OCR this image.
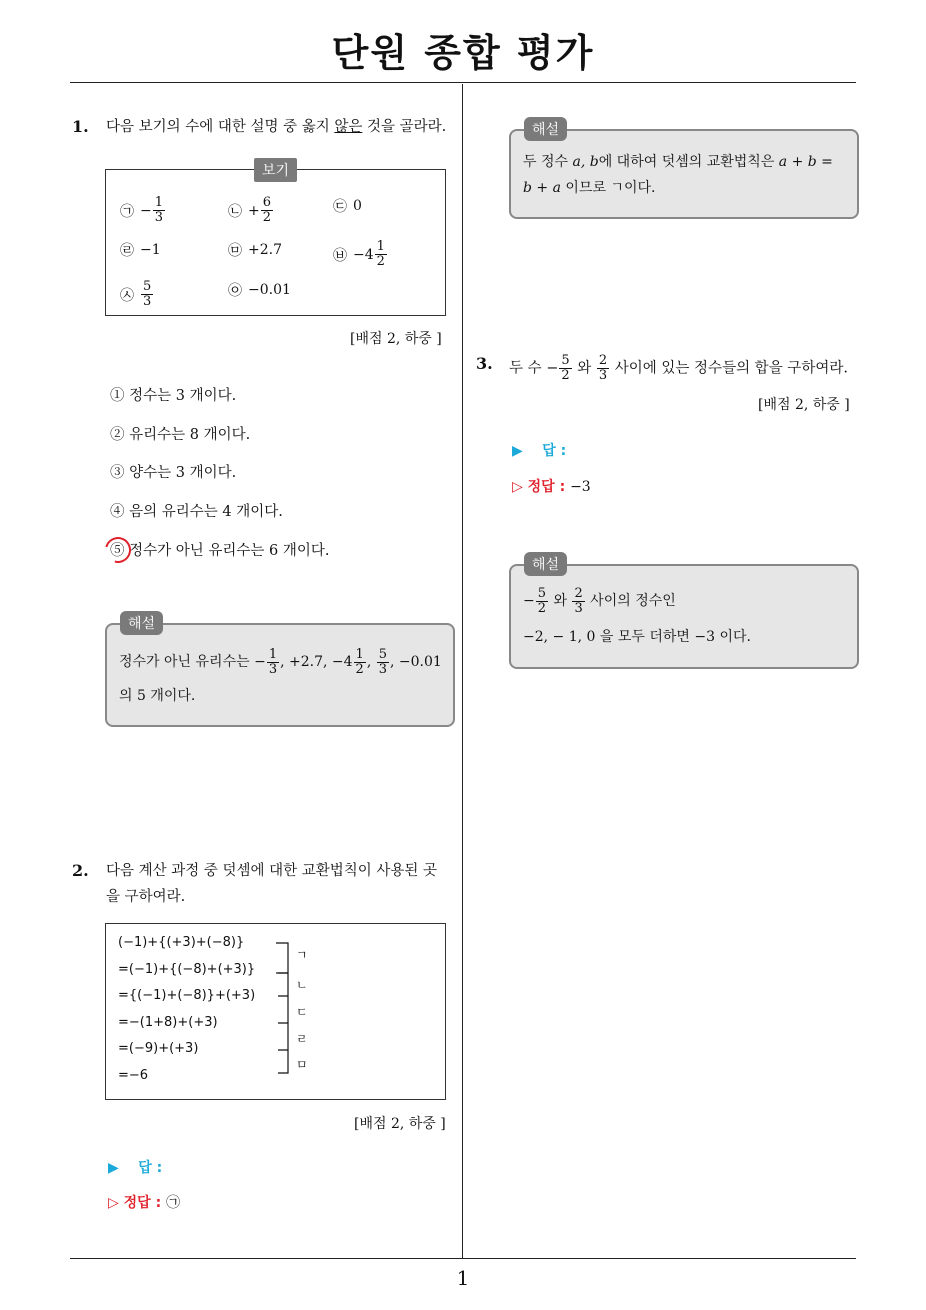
단원 종합 평가
1
1. 다음 보기의 수에 대한 설명 중 옳지 않은 것을 골라라.
보기
㉠ − $\frac{1}{3}$	㉡ + $\frac{6}{2}$	㉢ 0
㉣ −1	㉤ +2.7	㉥ $-4 \frac{1}{2}$
㉦ $\frac{5}{3}$	㉧ −0.01
[배점 2, 하중 ]
① 정수는 3 개이다.
② 유리수는 8 개이다.
③ 양수는 3 개이다.
④ 음의 유리수는 4 개이다.
⑤ 정수가 아닌 유리수는 6 개이다.
정수가 아닌 유리수는 − $\frac{1}{3}$ , +2.7, $-4 \frac{1}{2}$ , $\frac{5}{3}$ , −0.01
의 5 개이다.
해설
2. 다음 계산 과정 중 덧셈에 대한 교환법칙이 사용된 곳
을 구하여라.
(−1)+{(+3)+(−8)}
=(−1)+{(−8)+(+3)}
={(−1)+(−8)}+(+3)
=−(1+8)+(+3)
=(−9)+(+3)
=−6
ㄱ
ㄴ
ㄷ
ㄹ
ㅁ
[배점 2, 하중 ]
▶ 답 :
▷ 정답 : ㉠
두 정수 a, b에 대하여 덧셈의 교환법칙은 a + b =
b + a 이므로 ㄱ이다.
해설
3. 두 수 − $\frac{5}{2}$ 와 $\frac{2}{3}$ 사이에 있는 정수들의 합을 구하여라.
[배점 2, 하중 ]
▶ 답 :
▷ 정답 : −3
− $\frac{5}{2}$ 와 $\frac{2}{3}$ 사이의 정수인
−2, − 1, 0 을 모두 더하면 −3 이다.
해설
